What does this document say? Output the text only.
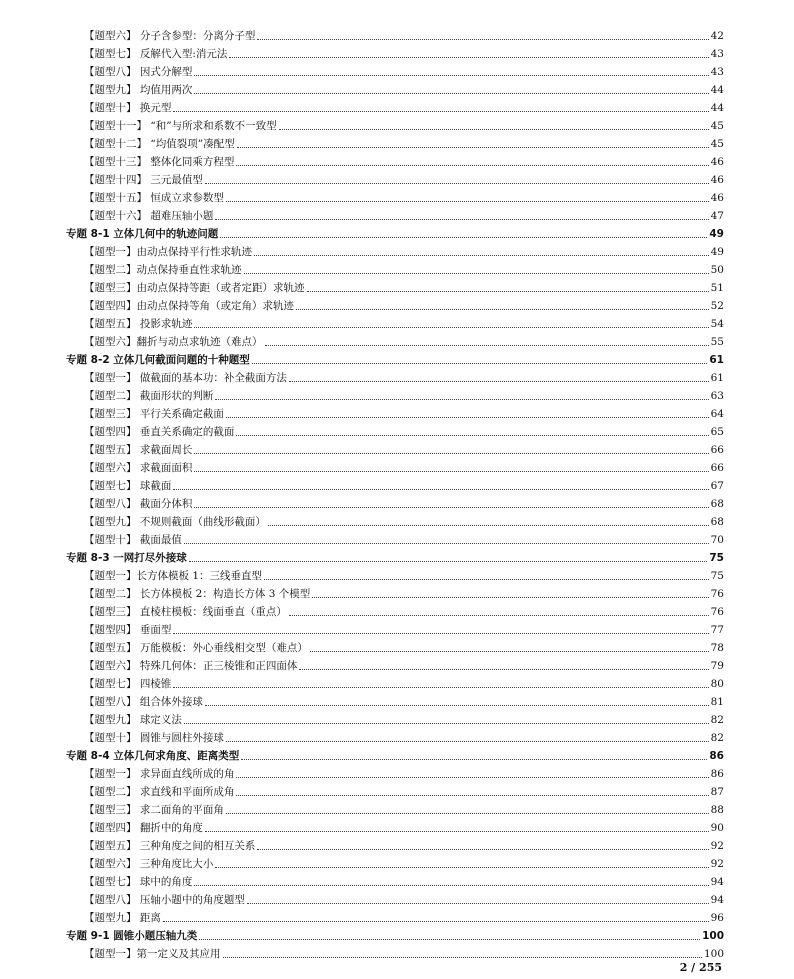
【题型六】 分子含参型：分离分子型	42
【题型七】 反解代入型:消元法	43
【题型八】 因式分解型	43
【题型九】 均值用两次	44
【题型十】 换元型	44
【题型十一】 “和”与所求和系数不一致型	45
【题型十二】 “均值裂项”凑配型	45
【题型十三】 整体化同乘方程型	46
【题型十四】 三元最值型	46
【题型十五】 恒成立求参数型	46
【题型十六】 超难压轴小题	47
专题 8-1 立体几何中的轨迹问题	49
【题型一】由动点保持平行性求轨迹	49
【题型二】动点保持垂直性求轨迹	50
【题型三】由动点保持等距（或者定距）求轨迹	51
【题型四】由动点保持等角（或定角）求轨迹	52
【题型五】 投影求轨迹	54
【题型六】翻折与动点求轨迹（难点）	55
专题 8-2 立体几何截面问题的十种题型	61
【题型一】 做截面的基本功：补全截面方法	61
【题型二】 截面形状的判断	63
【题型三】 平行关系确定截面	64
【题型四】 垂直关系确定的截面	65
【题型五】 求截面周长	66
【题型六】 求截面面积	66
【题型七】 球截面	67
【题型八】 截面分体积	68
【题型九】 不规则截面（曲线形截面）	68
【题型十】 截面最值	70
专题 8-3 一网打尽外接球	75
【题型一】长方体模板 1：三线垂直型	75
【题型二】 长方体模板 2：构造长方体 3 个模型	76
【题型三】 直棱柱模板：线面垂直（重点）	76
【题型四】 垂面型	77
【题型五】 万能模板：外心垂线相交型（难点）	78
【题型六】 特殊几何体：正三棱锥和正四面体	79
【题型七】 四棱锥	80
【题型八】 组合体外接球	81
【题型九】 球定义法	82
【题型十】 圆锥与圆柱外接球	82
专题 8-4 立体几何求角度、距离类型	86
【题型一】 求异面直线所成的角	86
【题型二】 求直线和平面所成角	87
【题型三】 求二面角的平面角	88
【题型四】 翻折中的角度	90
【题型五】 三种角度之间的相互关系	92
【题型六】 三种角度比大小	92
【题型七】 球中的角度	94
【题型八】 压轴小题中的角度题型	94
【题型九】 距离	96
专题 9-1 圆锥小题压轴九类	100
【题型一】第一定义及其应用	100
2 / 255
